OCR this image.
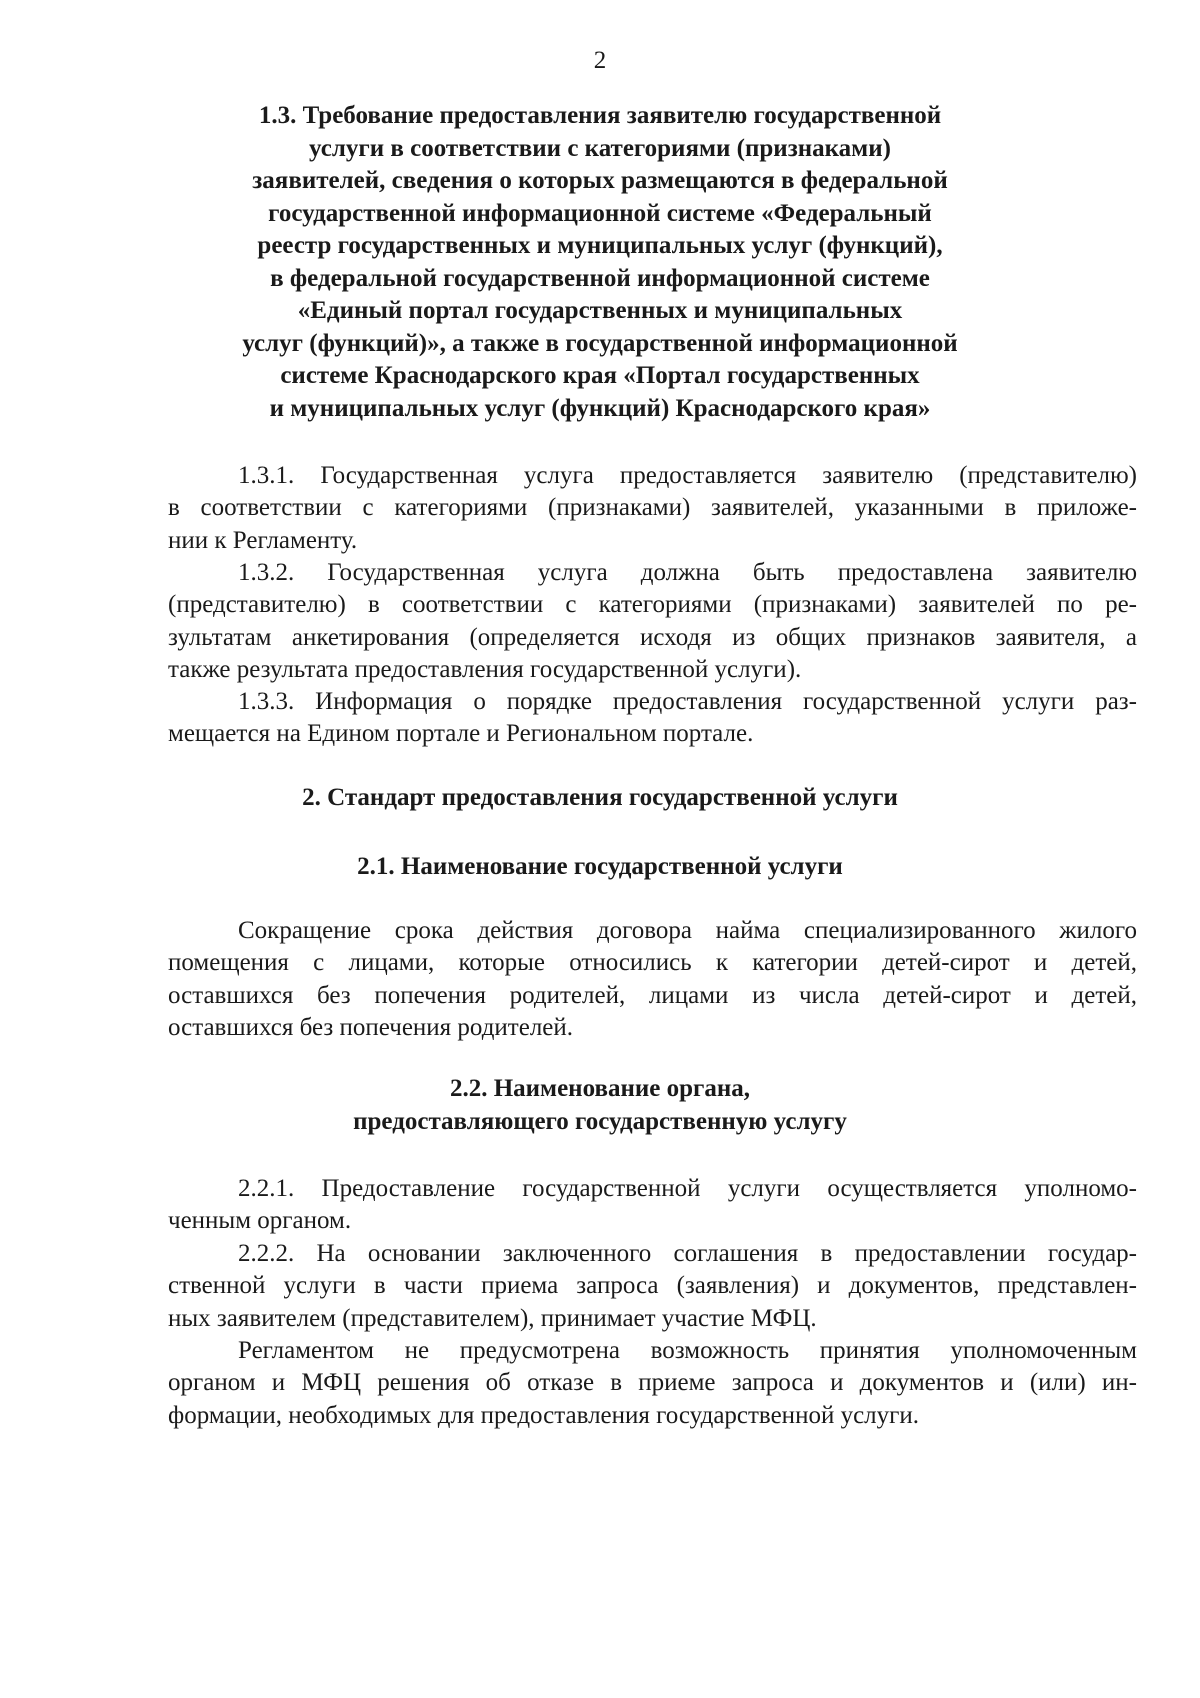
2
1.3. Требование предоставления заявителю государственной
услуги в соответствии с категориями (признаками)
заявителей, сведения о которых размещаются в федеральной
государственной информационной системе «Федеральный
реестр государственных и муниципальных услуг (функций),
в федеральной государственной информационной системе
«Единый портал государственных и муниципальных
услуг (функций)», а также в государственной информационной
системе Краснодарского края «Портал государственных
и муниципальных услуг (функций) Краснодарского края»
1.3.1. Государственная услуга предоставляется заявителю (представителю)
в соответствии с категориями (признаками) заявителей, указанными в приложе-
нии к Регламенту.
1.3.2. Государственная услуга должна быть предоставлена заявителю
(представителю) в соответствии с категориями (признаками) заявителей по ре-
зультатам анкетирования (определяется исходя из общих признаков заявителя, а
также результата предоставления государственной услуги).
1.3.3. Информация о порядке предоставления государственной услуги раз-
мещается на Едином портале и Региональном портале.
2. Стандарт предоставления государственной услуги
2.1. Наименование государственной услуги
Сокращение срока действия договора найма специализированного жилого
помещения с лицами, которые относились к категории детей-сирот и детей,
оставшихся без попечения родителей, лицами из числа детей-сирот и детей,
оставшихся без попечения родителей.
2.2. Наименование органа,
предоставляющего государственную услугу
2.2.1. Предоставление государственной услуги осуществляется уполномо-
ченным органом.
2.2.2. На основании заключенного соглашения в предоставлении государ-
ственной услуги в части приема запроса (заявления) и документов, представлен-
ных заявителем (представителем), принимает участие МФЦ.
Регламентом не предусмотрена возможность принятия уполномоченным
органом и МФЦ решения об отказе в приеме запроса и документов и (или) ин-
формации, необходимых для предоставления государственной услуги.
